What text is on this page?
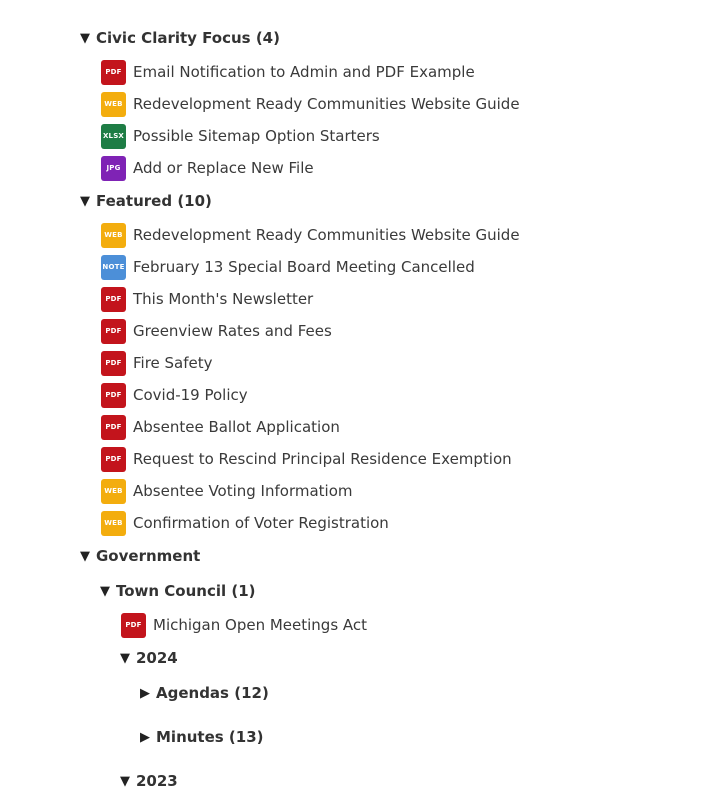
▼ Civic Clarity Focus (4)
PDF Email Notification to Admin and PDF Example
WEB Redevelopment Ready Communities Website Guide
XLSX Possible Sitemap Option Starters
JPG Add or Replace New File
▼ Featured (10)
WEB Redevelopment Ready Communities Website Guide
NOTE February 13 Special Board Meeting Cancelled
PDF This Month's Newsletter
PDF Greenview Rates and Fees
PDF Fire Safety
PDF Covid-19 Policy
PDF Absentee Ballot Application
PDF Request to Rescind Principal Residence Exemption
WEB Absentee Voting Informatiom
WEB Confirmation of Voter Registration
▼ Government
▼ Town Council (1)
PDF Michigan Open Meetings Act
▼ 2024
▶ Agendas (12)
▶ Minutes (13)
▼ 2023
